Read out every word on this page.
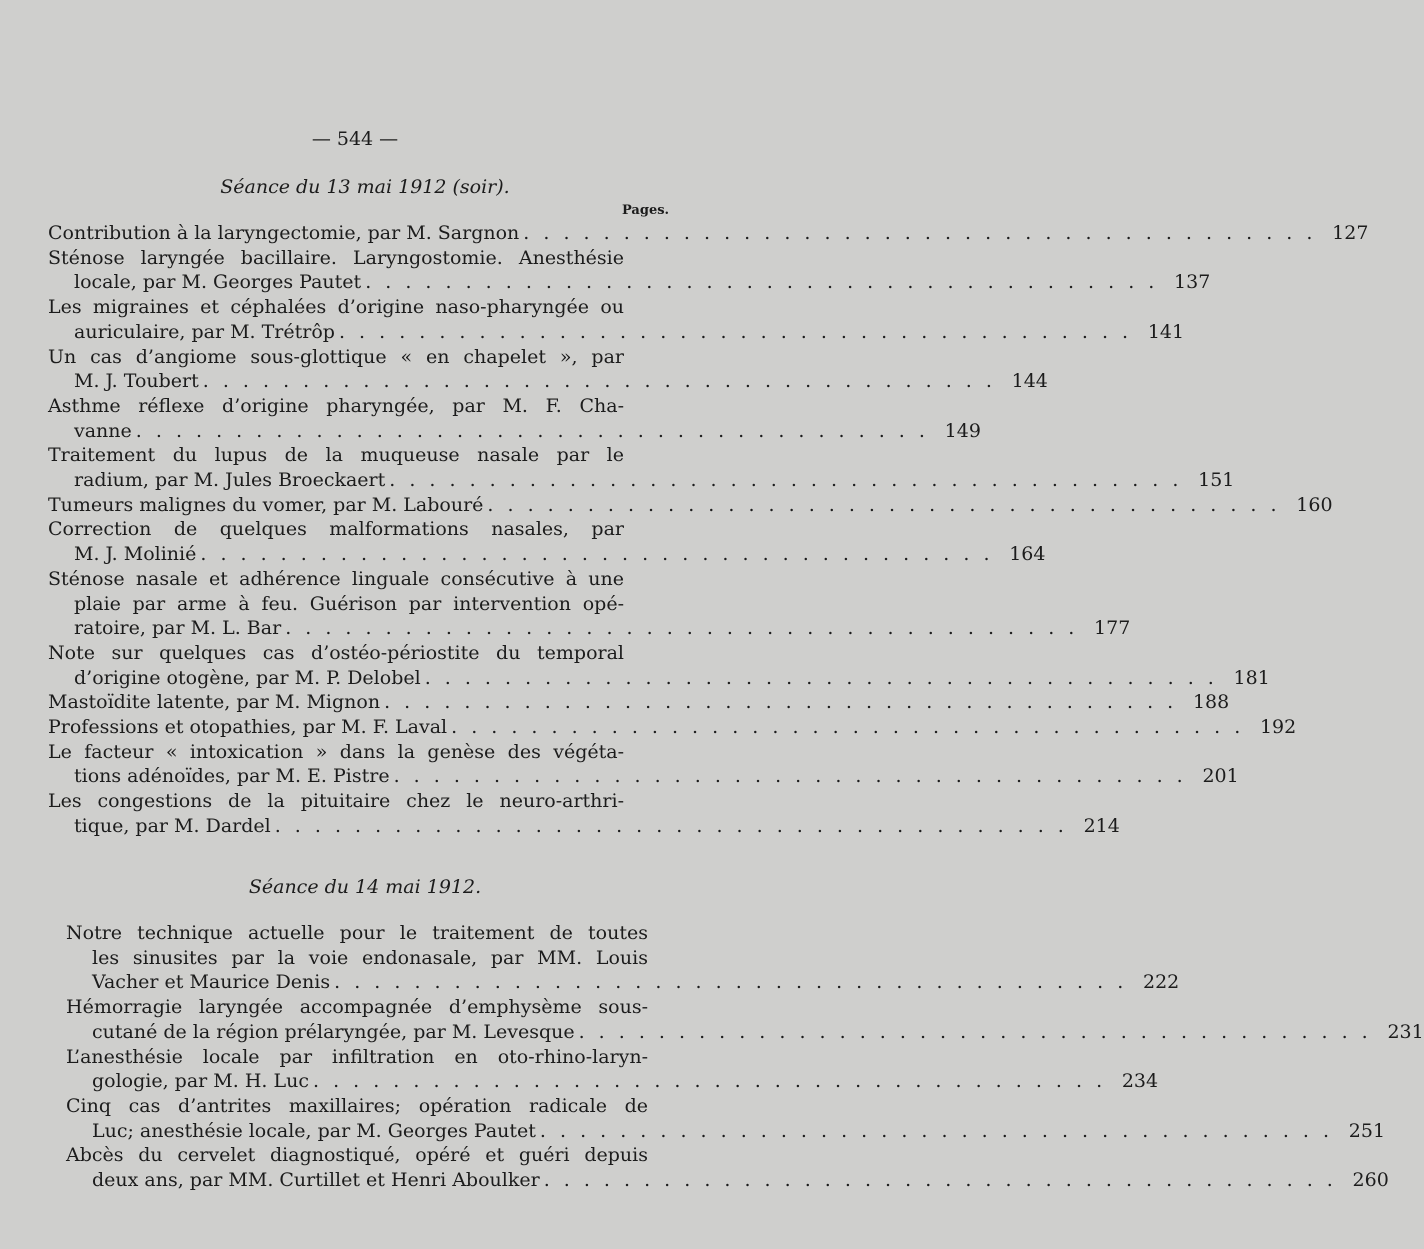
— 544 —
Séance du 13 mai 1912 (soir).
Pages.
Séance du 14 mai 1912.
Contribution à la laryngectomie, par M. Sargnon . . . . . . . . . . . . . . . . . . . . . . . . . . . . . . . . . . . . . . . . 127
Sténose laryngée bacillaire. Laryngostomie. Anesthésie
locale, par M. Georges Pautet . . . . . . . . . . . . . . . . . . . . . . . . . . . . . . . . . . . . . . . . 137
Les migraines et céphalées d’origine naso-pharyngée ou
auriculaire, par M. Trétrôp . . . . . . . . . . . . . . . . . . . . . . . . . . . . . . . . . . . . . . . . 141
Un cas d’angiome sous-glottique « en chapelet », par
M. J. Toubert . . . . . . . . . . . . . . . . . . . . . . . . . . . . . . . . . . . . . . . . 144
Asthme réflexe d’origine pharyngée, par M. F. Cha-
vanne . . . . . . . . . . . . . . . . . . . . . . . . . . . . . . . . . . . . . . . . 149
Traitement du lupus de la muqueuse nasale par le
radium, par M. Jules Broeckaert . . . . . . . . . . . . . . . . . . . . . . . . . . . . . . . . . . . . . . . . 151
Tumeurs malignes du vomer, par M. Labouré . . . . . . . . . . . . . . . . . . . . . . . . . . . . . . . . . . . . . . . . 160
Correction de quelques malformations nasales, par
M. J. Molinié . . . . . . . . . . . . . . . . . . . . . . . . . . . . . . . . . . . . . . . . 164
Sténose nasale et adhérence linguale consécutive à une
plaie par arme à feu. Guérison par intervention opé-
ratoire, par M. L. Bar . . . . . . . . . . . . . . . . . . . . . . . . . . . . . . . . . . . . . . . . 177
Note sur quelques cas d’ostéo-périostite du temporal
d’origine otogène, par M. P. Delobel . . . . . . . . . . . . . . . . . . . . . . . . . . . . . . . . . . . . . . . . 181
Mastoïdite latente, par M. Mignon . . . . . . . . . . . . . . . . . . . . . . . . . . . . . . . . . . . . . . . . 188
Professions et otopathies, par M. F. Laval . . . . . . . . . . . . . . . . . . . . . . . . . . . . . . . . . . . . . . . . 192
Le facteur « intoxication » dans la genèse des végéta-
tions adénoïdes, par M. E. Pistre . . . . . . . . . . . . . . . . . . . . . . . . . . . . . . . . . . . . . . . . 201
Les congestions de la pituitaire chez le neuro-arthri-
tique, par M. Dardel . . . . . . . . . . . . . . . . . . . . . . . . . . . . . . . . . . . . . . . . 214
Notre technique actuelle pour le traitement de toutes
les sinusites par la voie endonasale, par MM. Louis
Vacher et Maurice Denis . . . . . . . . . . . . . . . . . . . . . . . . . . . . . . . . . . . . . . . . 222
Hémorragie laryngée accompagnée d’emphysème sous-
cutané de la région prélaryngée, par M. Levesque . . . . . . . . . . . . . . . . . . . . . . . . . . . . . . . . . . . . . . . . 231
L’anesthésie locale par infiltration en oto-rhino-laryn-
gologie, par M. H. Luc . . . . . . . . . . . . . . . . . . . . . . . . . . . . . . . . . . . . . . . . 234
Cinq cas d’antrites maxillaires; opération radicale de
Luc; anesthésie locale, par M. Georges Pautet . . . . . . . . . . . . . . . . . . . . . . . . . . . . . . . . . . . . . . . . 251
Abcès du cervelet diagnostiqué, opéré et guéri depuis
deux ans, par MM. Curtillet et Henri Aboulker . . . . . . . . . . . . . . . . . . . . . . . . . . . . . . . . . . . . . . . . 260
